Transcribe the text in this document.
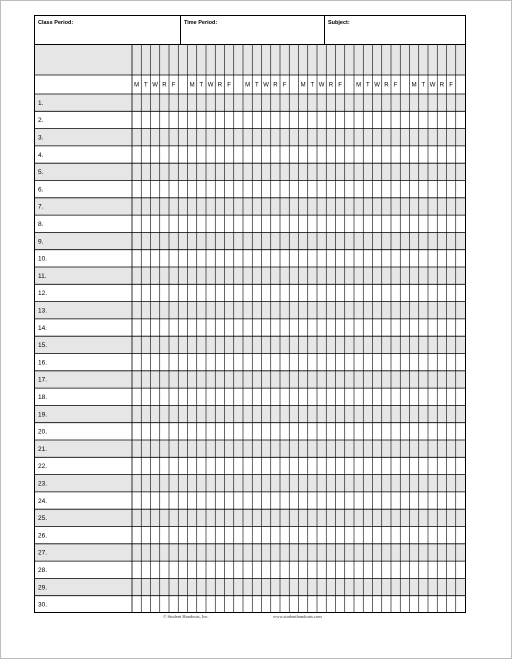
Class Period:	Time Period:	Subject:
M T W R F M T W R F M T W R F M T W R F M T W R F M T W R F
1.
2.
3.
4.
5.
6.
7.
8.
9.
10.
11.
12.
13.
14.
15.
16.
17.
18.
19.
20.
21.
22.
23.
24.
25.
26.
27.
28.
29.
30.
© Student Handouts, Inc.	www.studenthandouts.com
